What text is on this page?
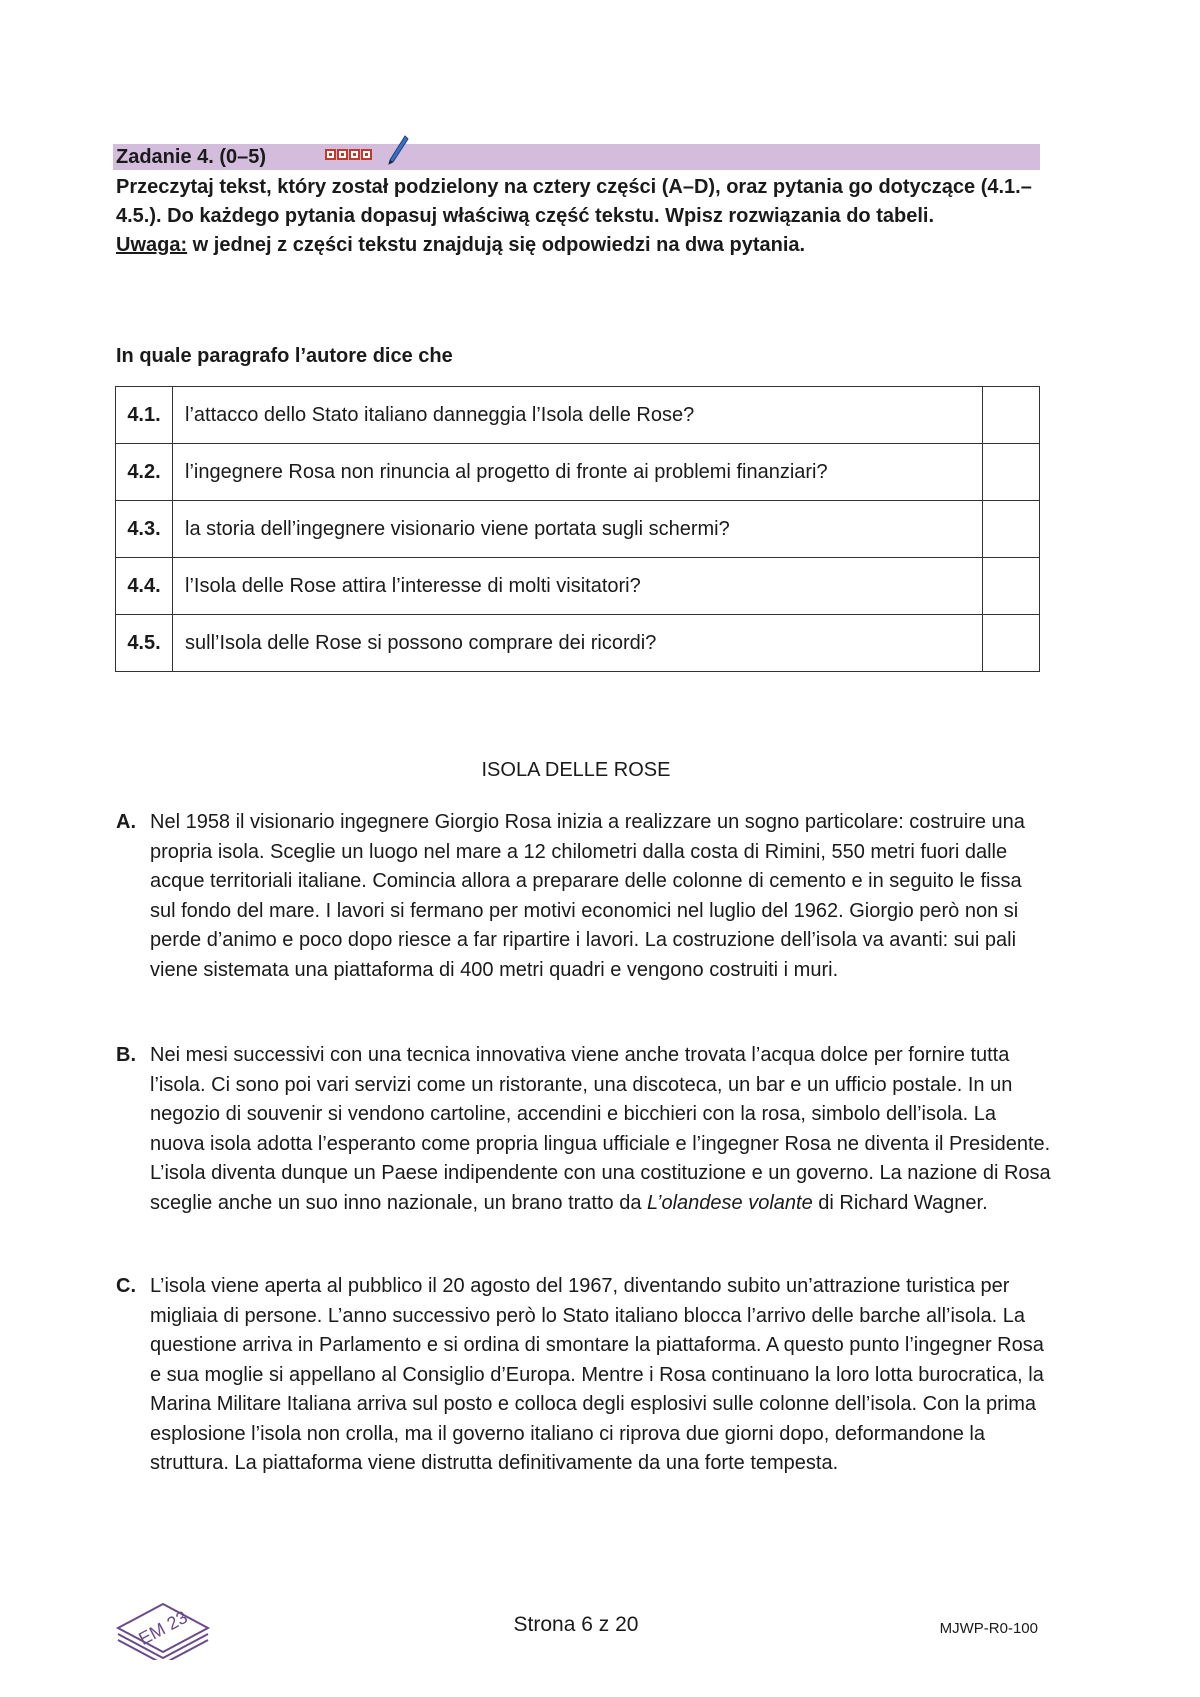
Zadanie 4. (0–5)

Przeczytaj tekst, który został podzielony na cztery części (A–D), oraz pytania go dotyczące (4.1.–4.5.). Do każdego pytania dopasuj właściwą część tekstu. Wpisz rozwiązania do tabeli.

Uwaga: w jednej z części tekstu znajdują się odpowiedzi na dwa pytania.

In quale paragrafo l’autore dice che
4.1.	l’attacco dello Stato italiano danneggia l’Isola delle Rose?	
4.2.	l’ingegnere Rosa non rinuncia al progetto di fronte ai problemi finanziari?	
4.3.	la storia dell’ingegnere visionario viene portata sugli schermi?	
4.4.	l’Isola delle Rose attira l’interesse di molti visitatori?	
4.5.	sull’Isola delle Rose si possono comprare dei ricordi?	
ISOLA DELLE ROSE
A. Nel 1958 il visionario ingegnere Giorgio Rosa inizia a realizzare un sogno particolare: costruire una propria isola. Sceglie un luogo nel mare a 12 chilometri dalla costa di Rimini, 550 metri fuori dalle acque territoriali italiane. Comincia allora a preparare delle colonne di cemento e in seguito le fissa sul fondo del mare. I lavori si fermano per motivi economici nel luglio del 1962. Giorgio però non si perde d’animo e poco dopo riesce a far ripartire i lavori. La costruzione dell’isola va avanti: sui pali viene sistemata una piattaforma di 400 metri quadri e vengono costruiti i muri.
B. Nei mesi successivi con una tecnica innovativa viene anche trovata l’acqua dolce per fornire tutta l’isola. Ci sono poi vari servizi come un ristorante, una discoteca, un bar e un ufficio postale. In un negozio di souvenir si vendono cartoline, accendini e bicchieri con la rosa, simbolo dell’isola. La nuova isola adotta l’esperanto come propria lingua ufficiale e l’ingegner Rosa ne diventa il Presidente. L’isola diventa dunque un Paese indipendente con una costituzione e un governo. La nazione di Rosa sceglie anche un suo inno nazionale, un brano tratto da L’olandese volante di Richard Wagner.
C. L’isola viene aperta al pubblico il 20 agosto del 1967, diventando subito un’attrazione turistica per migliaia di persone. L’anno successivo però lo Stato italiano blocca l’arrivo delle barche all’isola. La questione arriva in Parlamento e si ordina di smontare la piattaforma. A questo punto l’ingegner Rosa e sua moglie si appellano al Consiglio d’Europa. Mentre i Rosa continuano la loro lotta burocratica, la Marina Militare Italiana arriva sul posto e colloca degli esplosivi sulle colonne dell’isola. Con la prima esplosione l’isola non crolla, ma il governo italiano ci riprova due giorni dopo, deformandone la struttura. La piattaforma viene distrutta definitivamente da una forte tempesta.
EM 23	Strona 6 z 20	MJWP-R0-100
